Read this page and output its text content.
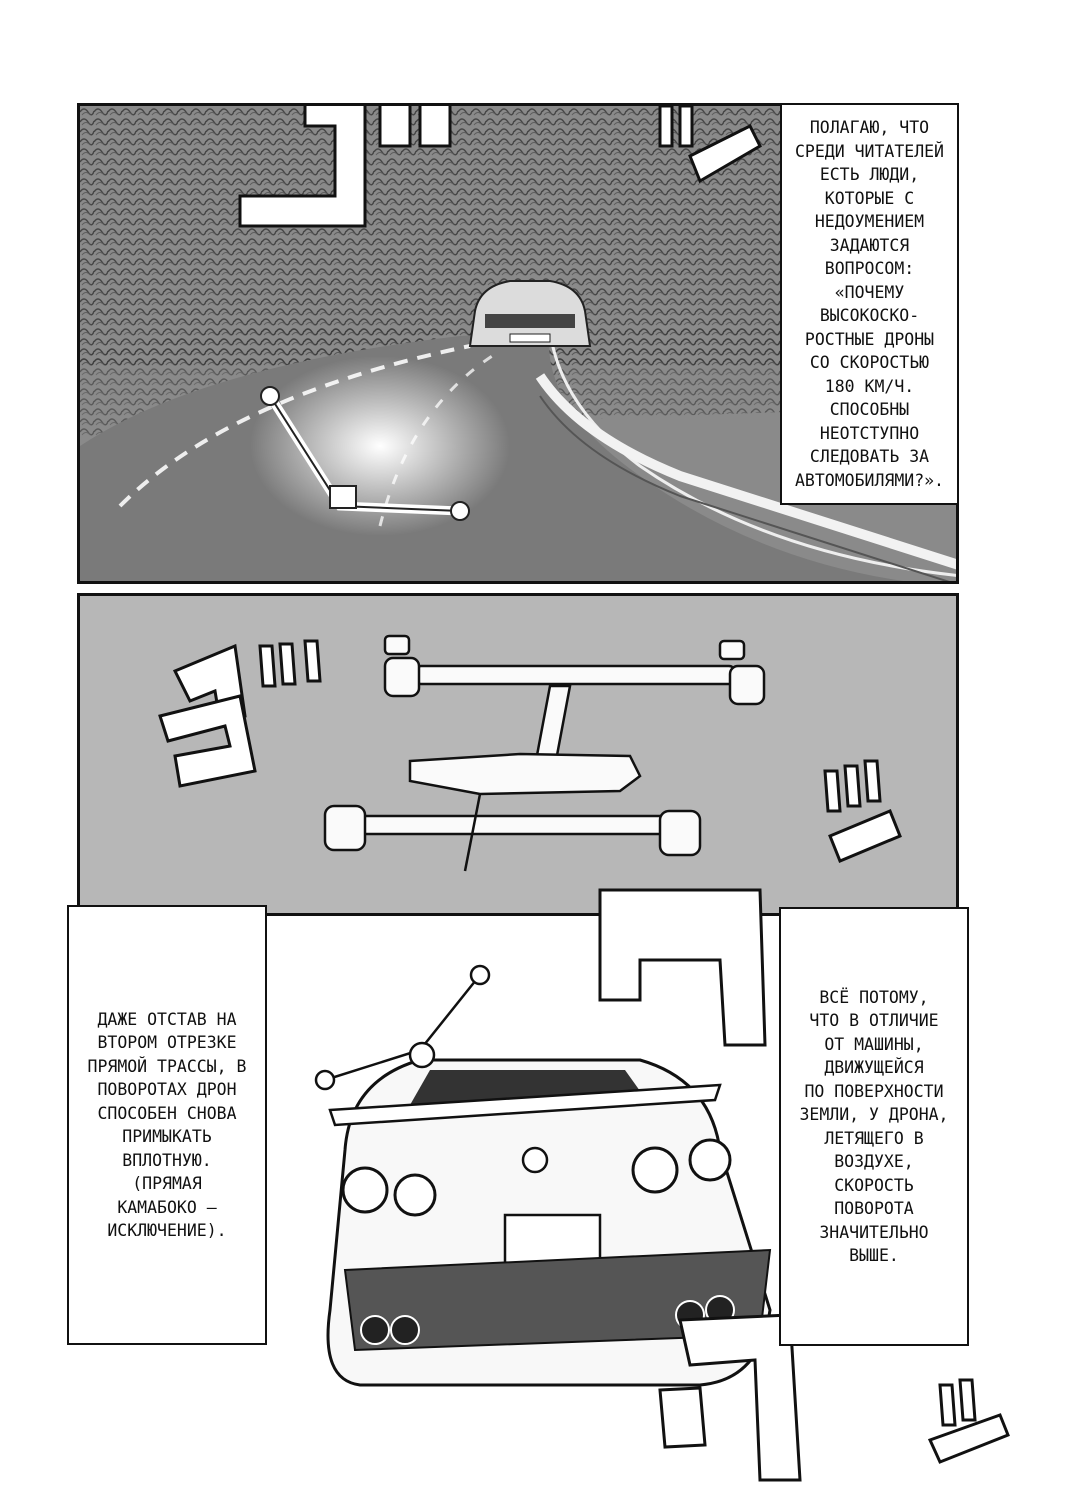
ПОЛАГАЮ, ЧТО
СРЕДИ ЧИТАТЕЛЕЙ
ЕСТЬ ЛЮДИ,
КОТОРЫЕ С
НЕДОУМЕНИЕМ
ЗАДАЮТСЯ
ВОПРОСОМ:
«ПОЧЕМУ
ВЫСОКОСКО-
РОСТНЫЕ ДРОНЫ
СО СКОРОСТЬЮ
180 КМ/Ч.
СПОСОБНЫ
НЕОТСТУПНО
СЛЕДОВАТЬ ЗА
АВТОМОБИЛЯМИ?».
ДАЖЕ ОТСТАВ НА
ВТОРОМ ОТРЕЗКЕ
ПРЯМОЙ ТРАССЫ, В
ПОВОРОТАХ ДРОН
СПОСОБЕН СНОВА
ПРИМЫКАТЬ
ВПЛОТНУЮ.
(ПРЯМАЯ
КАМАБОКО –
ИСКЛЮЧЕНИЕ).
ВСЁ ПОТОМУ,
ЧТО В ОТЛИЧИЕ
ОТ МАШИНЫ,
ДВИЖУЩЕЙСЯ
ПО ПОВЕРХНОСТИ
ЗЕМЛИ, У ДРОНА,
ЛЕТЯЩЕГО В
ВОЗДУХЕ,
СКОРОСТЬ
ПОВОРОТА
ЗНАЧИТЕЛЬНО
ВЫШЕ.
